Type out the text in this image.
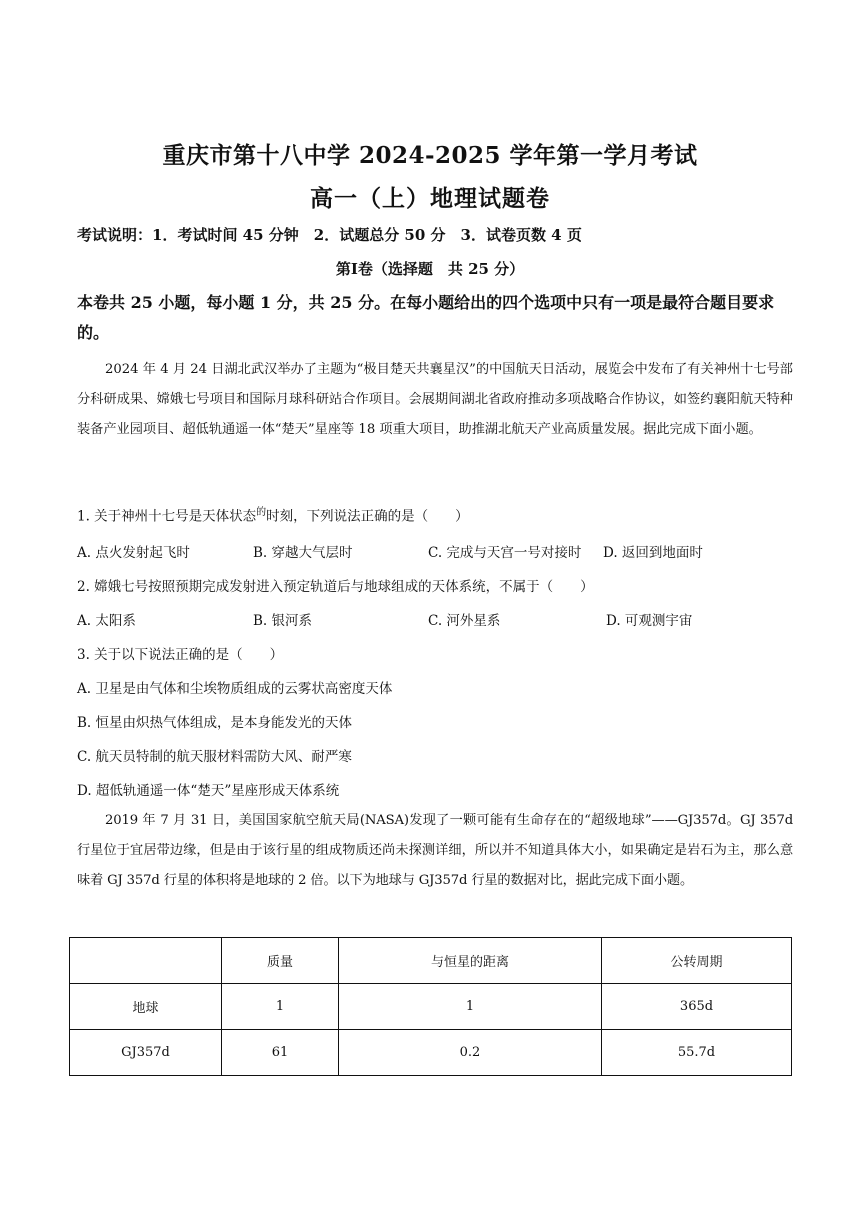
重庆市第十八中学 2024-2025 学年第一学月考试
高一（上）地理试题卷
考试说明：1．考试时间 45 分钟　2．试题总分 50 分　3．试卷页数 4 页
第Ⅰ卷（选择题　共 25 分）
本卷共 25 小题，每小题 1 分，共 25 分。在每小题给出的四个选项中只有一项是最符合题目要求的。
2024 年 4 月 24 日湖北武汉举办了主题为“极目楚天共襄星汉”的中国航天日活动，展览会中发布了有关神州十七号部分科研成果、嫦娥七号项目和国际月球科研站合作项目。会展期间湖北省政府推动多项战略合作协议，如签约襄阳航天特种装备产业园项目、超低轨通遥一体“楚天”星座等 18 项重大项目，助推湖北航天产业高质量发展。据此完成下面小题。
1. 关于神州十七号是天体状态$^的$时刻，下列说法正确的是（　　）
A. 点火发射起飞时	B. 穿越大气层时	C. 完成与天宫一号对接时 D. 返回到地面时
2. 嫦娥七号按照预期完成发射进入预定轨道后与地球组成的天体系统，不属于（　　）
A. 太阳系	B. 银河系	C. 河外星系	D. 可观测宇宙
3. 关于以下说法正确的是（　　）
A. 卫星是由气体和尘埃物质组成的云雾状高密度天体
B. 恒星由炽热气体组成，是本身能发光的天体
C. 航天员特制的航天服材料需防大风、耐严寒
D. 超低轨通遥一体“楚天”星座形成天体系统
2019 年 7 月 31 日，美国国家航空航天局(NASA)发现了一颗可能有生命存在的“超级地球”——GJ357d。GJ 357d 行星位于宜居带边缘，但是由于该行星的组成物质还尚未探测详细，所以并不知道具体大小，如果确定是岩石为主，那么意味着 GJ 357d 行星的体积将是地球的 2 倍。以下为地球与 GJ357d 行星的数据对比，据此完成下面小题。
	质量	与恒星的距离	公转周期
地球	1	1	365d
GJ357d	61	0.2	55.7d
